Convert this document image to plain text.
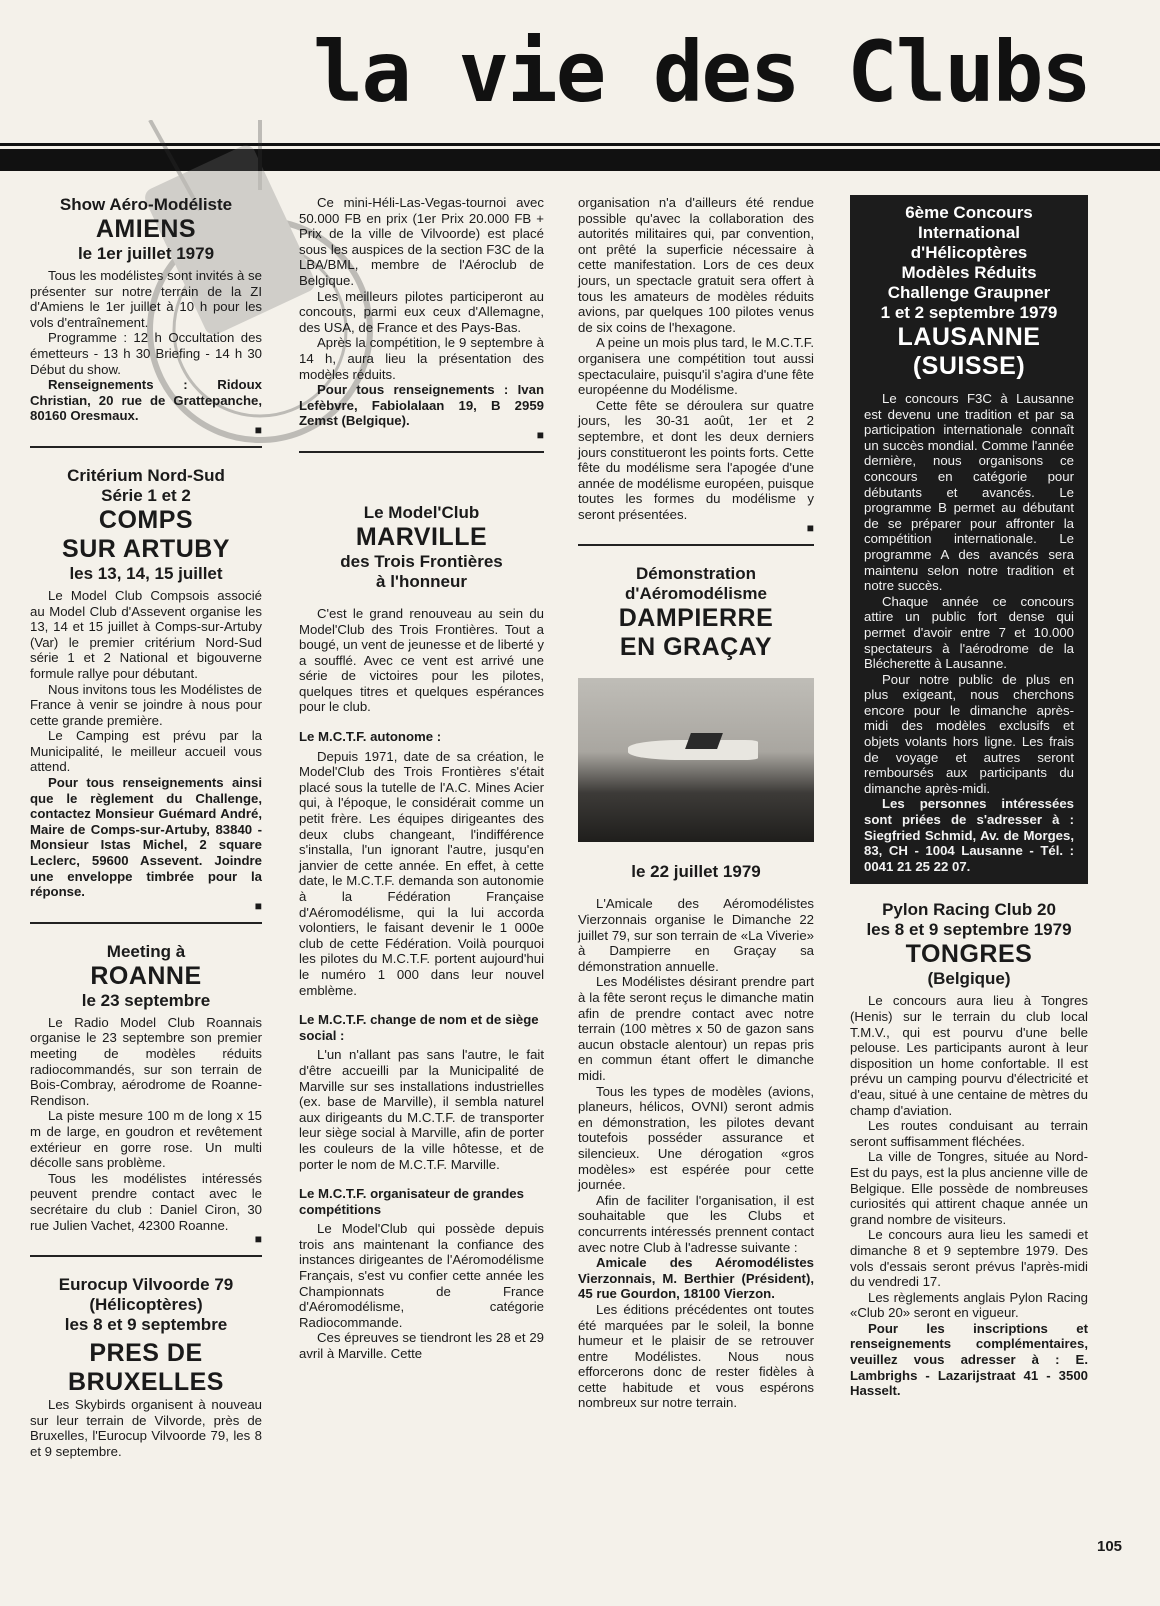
la vie des Clubs
Show Aéro-Modéliste
AMIENS
le 1er juillet 1979

Tous les modélistes sont invités à se présenter sur notre terrain de la ZI d'Amiens le 1er juillet à 10 h pour les vols d'entraînement.

Programme : 12 h Occultation des émetteurs - 13 h 30 Briefing - 14 h 30 Début du show.

Renseignements : Ridoux Christian, 20 rue de Grattepanche, 80160 Oresmaux.

■
Critérium Nord-Sud
Série 1 et 2
COMPS
SUR ARTUBY
les 13, 14, 15 juillet

Le Model Club Compsois associé au Model Club d'Assevent organise les 13, 14 et 15 juillet à Comps-sur-Artuby (Var) le premier critérium Nord-Sud série 1 et 2 National et bigouverne formule rallye pour débutant.

Nous invitons tous les Modélistes de France à venir se joindre à nous pour cette grande première.

Le Camping est prévu par la Municipalité, le meilleur accueil vous attend.

Pour tous renseignements ainsi que le règlement du Challenge, contactez Monsieur Guémard André, Maire de Comps-sur-Artuby, 83840 - Monsieur Istas Michel, 2 square Leclerc, 59600 Assevent. Joindre une enveloppe timbrée pour la réponse.

■
Meeting à
ROANNE
le 23 septembre

Le Radio Model Club Roannais organise le 23 septembre son premier meeting de modèles réduits radiocommandés, sur son terrain de Bois-Combray, aérodrome de Roanne-Rendison.

La piste mesure 100 m de long x 15 m de large, en goudron et revêtement extérieur en gorre rose. Un multi décolle sans problème.

Tous les modélistes intéressés peuvent prendre contact avec le secrétaire du club : Daniel Ciron, 30 rue Julien Vachet, 42300 Roanne.

■
Eurocup Vilvoorde 79
(Hélicoptères)
les 8 et 9 septembre
PRES DE
BRUXELLES

Les Skybirds organisent à nouveau sur leur terrain de Vilvorde, près de Bruxelles, l'Eurocup Vilvoorde 79, les 8 et 9 septembre.

Ce mini-Héli-Las-Vegas-tournoi avec 50.000 FB en prix (1er Prix 20.000 FB + Prix de la ville de Vilvoorde) est placé sous les auspices de la section F3C de la LBA/BML, membre de l'Aéroclub de Belgique.

Les meilleurs pilotes participeront au concours, parmi eux ceux d'Allemagne, des USA, de France et des Pays-Bas.

Après la compétition, le 9 septembre à 14 h, aura lieu la présentation des modèles réduits.

Pour tous renseignements : Ivan Lefèbvre, Fabiolalaan 19, B 2959 Zemst (Belgique).

■
Le Model'Club
MARVILLE
des Trois Frontières
à l'honneur

C'est le grand renouveau au sein du Model'Club des Trois Frontières. Tout a bougé, un vent de jeunesse et de liberté y a soufflé. Avec ce vent est arrivé une série de victoires pour les pilotes, quelques titres et quelques espérances pour le club.

Le M.C.T.F. autonome :

Depuis 1971, date de sa création, le Model'Club des Trois Frontières s'était placé sous la tutelle de l'A.C. Mines Acier qui, à l'époque, le considérait comme un petit frère. Les équipes dirigeantes des deux clubs changeant, l'indifférence s'installa, l'un ignorant l'autre, jusqu'en janvier de cette année. En effet, à cette date, le M.C.T.F. demanda son autonomie à la Fédération Française d'Aéromodélisme, qui la lui accorda volontiers, le faisant devenir le 1 000e club de cette Fédération. Voilà pourquoi les pilotes du M.C.T.F. portent aujourd'hui le numéro 1 000 dans leur nouvel emblème.

Le M.C.T.F. change de nom et de siège social :

L'un n'allant pas sans l'autre, le fait d'être accueilli par la Municipalité de Marville sur ses installations industrielles (ex. base de Marville), il sembla naturel aux dirigeants du M.C.T.F. de transporter leur siège social à Marville, afin de porter les couleurs de la ville hôtesse, et de porter le nom de M.C.T.F. Marville.

Le M.C.T.F. organisateur de grandes compétitions

Le Model'Club qui possède depuis trois ans maintenant la confiance des instances dirigeantes de l'Aéromodélisme Français, s'est vu confier cette année les Championnats de France d'Aéromodélisme, catégorie Radiocommande.

Ces épreuves se tiendront les 28 et 29 avril à Marville. Cette

organisation n'a d'ailleurs été rendue possible qu'avec la collaboration des autorités militaires qui, par convention, ont prêté la superficie nécessaire à cette manifestation. Lors de ces deux jours, un spectacle gratuit sera offert à tous les amateurs de modèles réduits avions, par quelques 100 pilotes venus de six coins de l'hexagone.

A peine un mois plus tard, le M.C.T.F. organisera une compétition tout aussi spectaculaire, puisqu'il s'agira d'une fête européenne du Modélisme.

Cette fête se déroulera sur quatre jours, les 30-31 août, 1er et 2 septembre, et dont les deux derniers jours constitueront les points forts. Cette fête du modélisme sera l'apogée d'une année de modélisme européen, puisque toutes les formes du modélisme y seront présentées.

■
Démonstration
d'Aéromodélisme
DAMPIERRE
EN GRAÇAY
le 22 juillet 1979

L'Amicale des Aéromodélistes Vierzonnais organise le Dimanche 22 juillet 79, sur son terrain de «La Viverie» à Dampierre en Graçay sa démonstration annuelle.

Les Modélistes désirant prendre part à la fête seront reçus le dimanche matin afin de prendre contact avec notre terrain (100 mètres x 50 de gazon sans aucun obstacle alentour) un repas pris en commun étant offert le dimanche midi.

Tous les types de modèles (avions, planeurs, hélicos, OVNI) seront admis en démonstration, les pilotes devant toutefois posséder assurance et silencieux. Une dérogation «gros modèles» est espérée pour cette journée.

Afin de faciliter l'organisation, il est souhaitable que les Clubs et concurrents intéressés prennent contact avec notre Club à l'adresse suivante :

Amicale des Aéromodélistes Vierzonnais, M. Berthier (Président), 45 rue Gourdon, 18100 Vierzon.

Les éditions précédentes ont toutes été marquées par le soleil, la bonne humeur et le plaisir de se retrouver entre Modélistes. Nous nous efforcerons donc de rester fidèles à cette habitude et vous espérons nombreux sur notre terrain.

6ème Concours
International
d'Hélicoptères
Modèles Réduits
Challenge Graupner
1 et 2 septembre 1979
LAUSANNE
(SUISSE)

Le concours F3C à Lausanne est devenu une tradition et par sa participation internationale connaît un succès mondial. Comme l'année dernière, nous organisons ce concours en catégorie pour débutants et avancés. Le programme B permet au débutant de se préparer pour affronter la compétition internationale. Le programme A des avancés sera maintenu selon notre tradition et notre succès.

Chaque année ce concours attire un public fort dense qui permet d'avoir entre 7 et 10.000 spectateurs à l'aérodrome de la Blécherette à Lausanne.

Pour notre public de plus en plus exigeant, nous cherchons encore pour le dimanche après-midi des modèles exclusifs et objets volants hors ligne. Les frais de voyage et autres seront remboursés aux participants du dimanche après-midi.

Les personnes intéressées sont priées de s'adresser à : Siegfried Schmid, Av. de Morges, 83, CH - 1004 Lausanne - Tél. : 0041 21 25 22 07.

Pylon Racing Club 20
les 8 et 9 septembre 1979
TONGRES
(Belgique)

Le concours aura lieu à Tongres (Henis) sur le terrain du club local T.M.V., qui est pourvu d'une belle pelouse. Les participants auront à leur disposition un home confortable. Il est prévu un camping pourvu d'électricité et d'eau, situé à une centaine de mètres du champ d'aviation.

Les routes conduisant au terrain seront suffisamment fléchées.

La ville de Tongres, située au Nord-Est du pays, est la plus ancienne ville de Belgique. Elle possède de nombreuses curiosités qui attirent chaque année un grand nombre de visiteurs.

Le concours aura lieu les samedi et dimanche 8 et 9 septembre 1979. Des vols d'essais seront prévus l'après-midi du vendredi 17.

Les règlements anglais Pylon Racing «Club 20» seront en vigueur.

Pour les inscriptions et renseignements complémentaires, veuillez vous adresser à : E. Lambrighs - Lazarijstraat 41 - 3500 Hasselt.

105
